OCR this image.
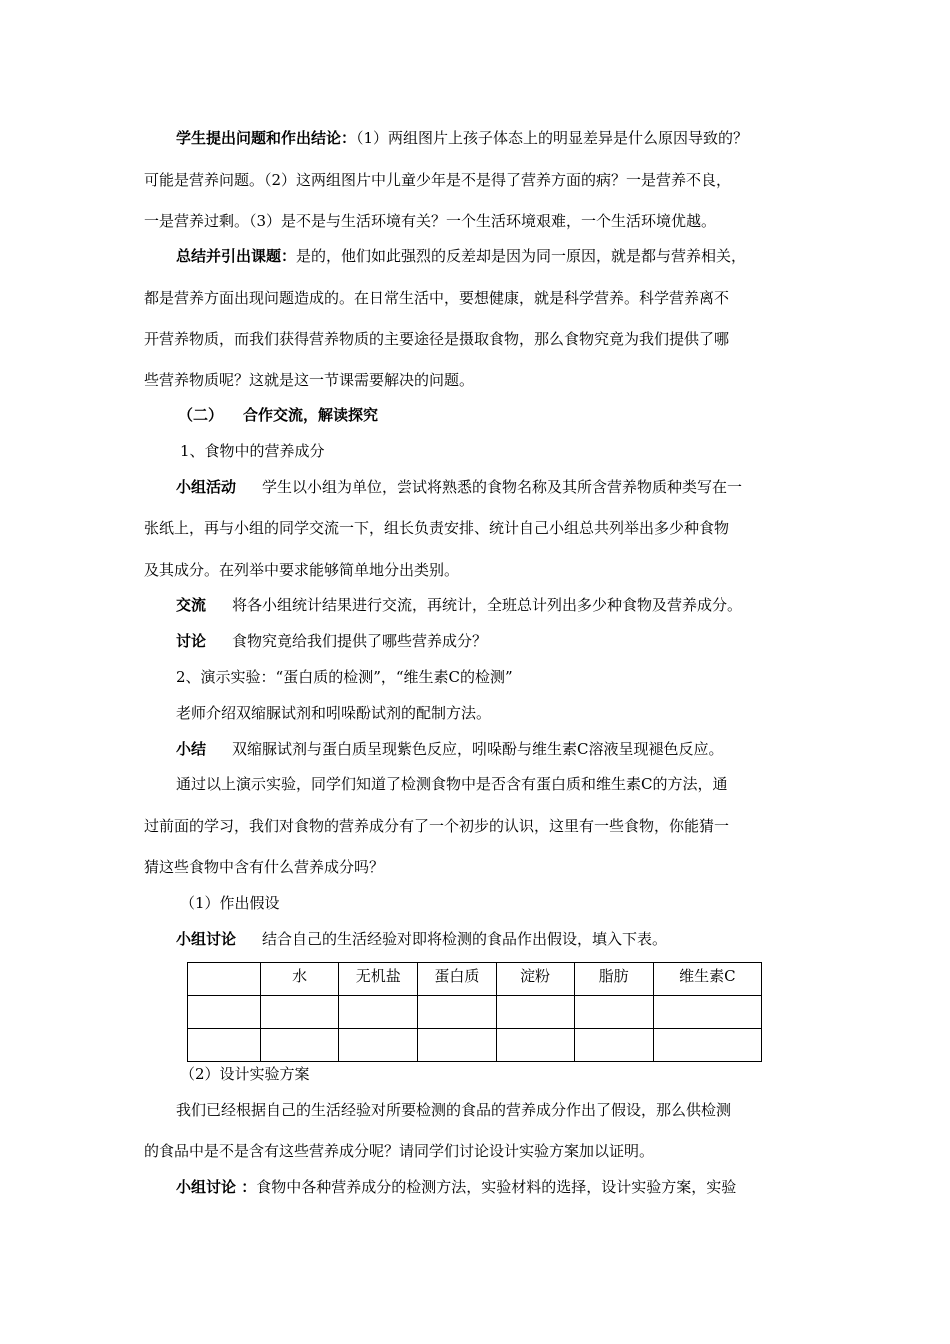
学生提出问题和作出结论：（1）两组图片上孩子体态上的明显差异是什么原因导致的？
可能是营养问题。（2）这两组图片中儿童少年是不是得了营养方面的病？一是营养不良，
一是营养过剩。（3）是不是与生活环境有关？一个生活环境艰难，一个生活环境优越。
总结并引出课题：是的，他们如此强烈的反差却是因为同一原因，就是都与营养相关，
都是营养方面出现问题造成的。在日常生活中，要想健康，就是科学营养。科学营养离不
开营养物质，而我们获得营养物质的主要途径是摄取食物，那么食物究竟为我们提供了哪
些营养物质呢？这就是这一节课需要解决的问题。
（二） 合作交流，解读探究
1、食物中的营养成分
小组活动 学生以小组为单位，尝试将熟悉的食物名称及其所含营养物质种类写在一
张纸上，再与小组的同学交流一下，组长负责安排、统计自己小组总共列举出多少种食物
及其成分。在列举中要求能够简单地分出类别。
交流 将各小组统计结果进行交流，再统计，全班总计列出多少种食物及营养成分。
讨论 食物究竟给我们提供了哪些营养成分？
2、演示实验：“蛋白质的检测”，“维生素C的检测”
老师介绍双缩脲试剂和吲哚酚试剂的配制方法。
小结 双缩脲试剂与蛋白质呈现紫色反应，吲哚酚与维生素C溶液呈现褪色反应。
通过以上演示实验，同学们知道了检测食物中是否含有蛋白质和维生素C的方法，通
过前面的学习，我们对食物的营养成分有了一个初步的认识，这里有一些食物，你能猜一
猜这些食物中含有什么营养成分吗？
（1）作出假设
小组讨论 结合自己的生活经验对即将检测的食品作出假设，填入下表。
	水	无机盐	蛋白质	淀粉	脂肪	维生素C

（2）设计实验方案
我们已经根据自己的生活经验对所要检测的食品的营养成分作出了假设，那么供检测
的食品中是不是含有这些营养成分呢？请同学们讨论设计实验方案加以证明。
小组讨论 ：食物中各种营养成分的检测方法，实验材料的选择，设计实验方案，实验
